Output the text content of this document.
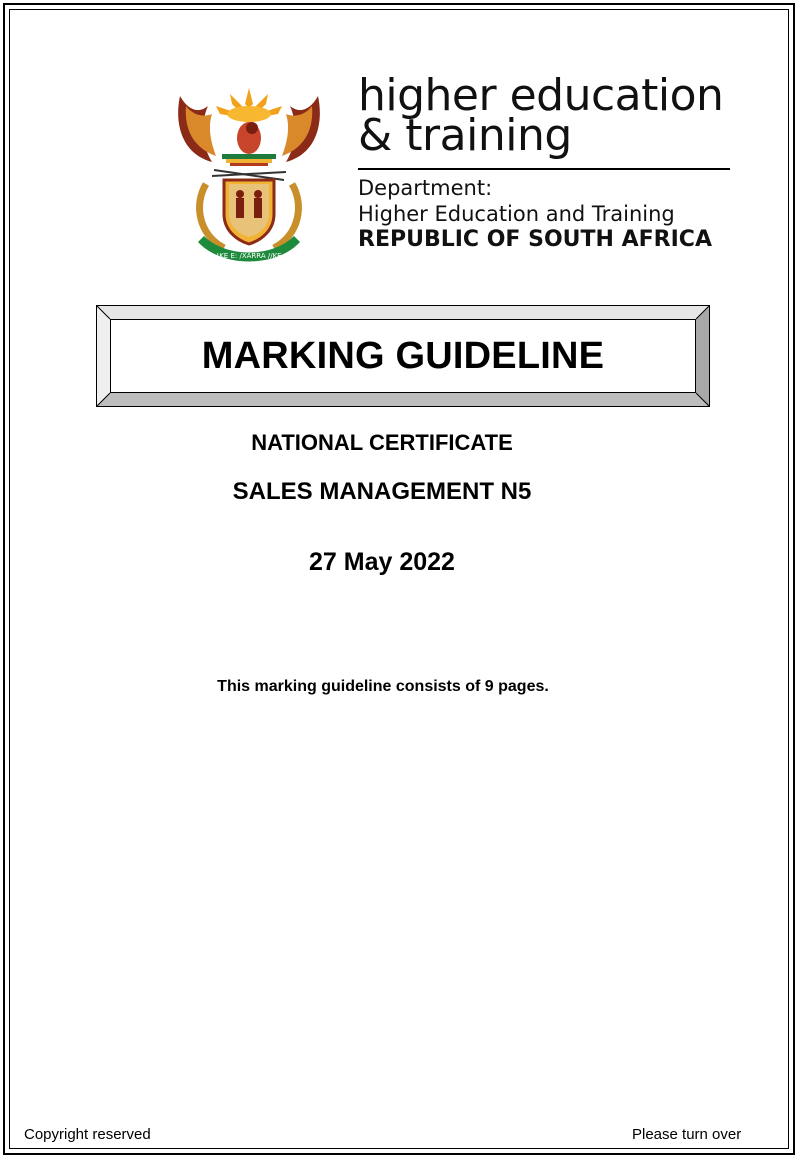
!KE E: /XARRA //KE
higher education
& training
Department:
Higher Education and Training
REPUBLIC OF SOUTH AFRICA
MARKING GUIDELINE
NATIONAL CERTIFICATE
SALES MANAGEMENT N5
27 May 2022
This marking guideline consists of 9 pages.
Copyright reserved	Please turn over
